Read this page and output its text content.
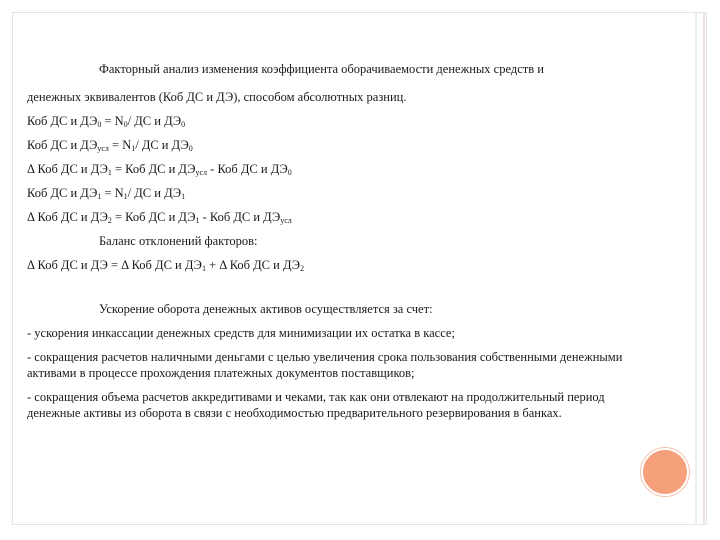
Факторный анализ изменения коэффициента оборачиваемости денежных средств и

денежных эквивалентов (Коб ДС и ДЭ), способом абсолютных разниц.

Коб ДС и $ДЭ_0 = N_0/$ ДС и $ДЭ_0$

Коб ДС и $ДЭ_{усл} = N_1/$ ДС и $ДЭ_0$

Δ Коб ДС и $ДЭ_1$ = Коб ДС и $ДЭ_{усл}$ - Коб ДС и $ДЭ_0$

Коб ДС и $ДЭ_1 = N_1/$ ДС и $ДЭ_1$

Δ Коб ДС и $ДЭ_2$ = Коб ДС и $ДЭ_1$ - Коб ДС и $ДЭ_{усл}$

Баланс отклонений факторов:

Δ Коб ДС и ДЭ = Δ Коб ДС и $ДЭ_1 + \Delta$ Коб ДС и $ДЭ_2$

Ускорение оборота денежных активов осуществляется за счет:

- ускорения инкассации денежных средств для минимизации их остатка в кассе;

- сокращения расчетов наличными деньгами с целью увеличения срока пользования собственными денежными активами в процессе прохождения платежных документов поставщиков;

- сокращения объема расчетов аккредитивами и чеками, так как они отвлекают на продолжительный период денежные активы из оборота в связи с необходимостью предварительного резервирования в банках.
